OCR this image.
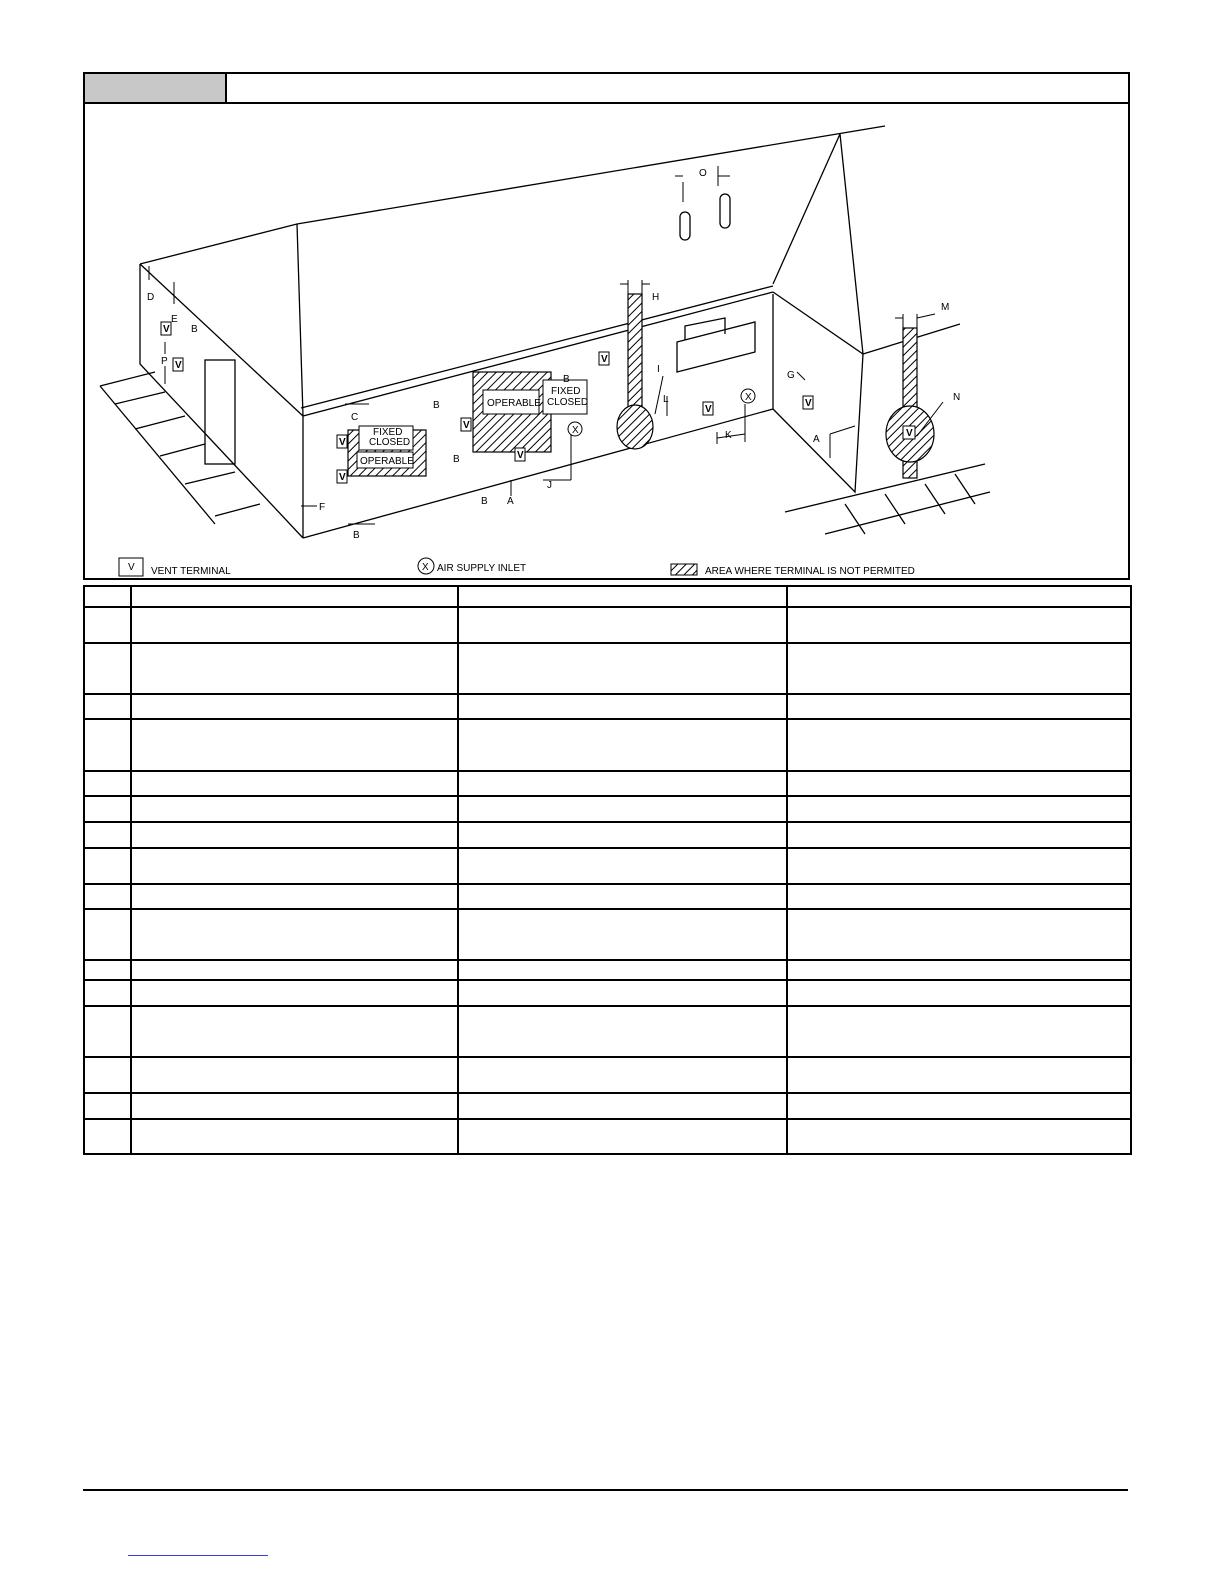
FIXED
CLOSED
OPERABLE
OPERABLE
FIXED
CLOSED
V
V
V
V
V
V
V
V
V
V
X
X
O
H
M
N
I
L
K
G
A
J
A
C
D
E
P
F
B
B
B
B
B
B
V VENT TERMINAL	X AIR SUPPLY INLET	AREA WHERE TERMINAL IS NOT PERMITED
